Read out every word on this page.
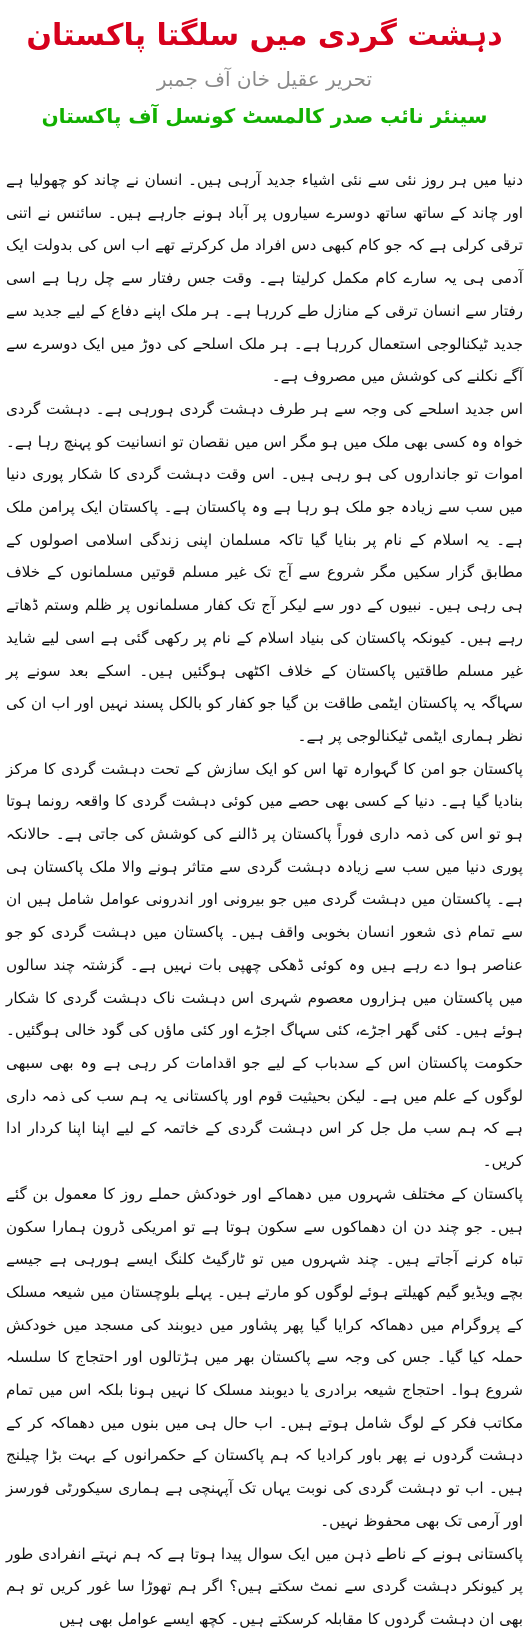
دہشت گردی میں سلگتا پاکستان
تحریر عقیل خان آف جمبر
سینئر نائب صدر کالمسٹ کونسل آف پاکستان

دنیا میں ہر روز نئی سے نئی اشیاء جدید آرہی ہیں۔ انسان نے چاند کو چھولیا ہے اور چاند کے ساتھ ساتھ دوسرے سیاروں پر آباد ہونے جارہے ہیں۔ سائنس نے اتنی ترقی کرلی ہے کہ جو کام کبھی دس افراد مل کرکرتے تھے اب اس کی بدولت ایک آدمی ہی یہ سارے کام مکمل کرلیتا ہے۔ وقت جس رفتار سے چل رہا ہے اسی رفتار سے انسان ترقی کے منازل طے کررہا ہے۔ ہر ملک اپنے دفاع کے لیے جدید سے جدید ٹیکنالوجی استعمال کررہا ہے۔ ہر ملک اسلحے کی دوڑ میں ایک دوسرے سے آگے نکلنے کی کوشش میں مصروف ہے۔

اس جدید اسلحے کی وجہ سے ہر طرف دہشت گردی ہورہی ہے۔ دہشت گردی خواہ وہ کسی بھی ملک میں ہو مگر اس میں نقصان تو انسانیت کو پہنچ رہا ہے۔ اموات تو جانداروں کی ہو رہی ہیں۔ اس وقت دہشت گردی کا شکار پوری دنیا میں سب سے زیادہ جو ملک ہو رہا ہے وہ پاکستان ہے۔ پاکستان ایک پرامن ملک ہے۔ یہ اسلام کے نام پر بنایا گیا تاکہ مسلمان اپنی زندگی اسلامی اصولوں کے مطابق گزار سکیں مگر شروع سے آج تک غیر مسلم قوتیں مسلمانوں کے خلاف ہی رہی ہیں۔ نبیوں کے دور سے لیکر آج تک کفار مسلمانوں پر ظلم وستم ڈھاتے رہے ہیں۔ کیونکہ پاکستان کی بنیاد اسلام کے نام پر رکھی گئی ہے اسی لیے شاید غیر مسلم طاقتیں پاکستان کے خلاف اکٹھی ہوگئیں ہیں۔ اسکے بعد سونے پر سہاگہ یہ پاکستان ایٹمی طاقت بن گیا جو کفار کو بالکل پسند نہیں اور اب ان کی نظر ہماری ایٹمی ٹیکنالوجی پر ہے۔

پاکستان جو امن کا گہوارہ تھا اس کو ایک سازش کے تحت دہشت گردی کا مرکز بنادیا گیا ہے۔ دنیا کے کسی بھی حصے میں کوئی دہشت گردی کا واقعہ رونما ہوتا ہو تو اس کی ذمہ داری فوراً پاکستان پر ڈالنے کی کوشش کی جاتی ہے۔ حالانکہ پوری دنیا میں سب سے زیادہ دہشت گردی سے متاثر ہونے والا ملک پاکستان ہی ہے۔ پاکستان میں دہشت گردی میں جو بیرونی اور اندرونی عوامل شامل ہیں ان سے تمام ذی شعور انسان بخوبی واقف ہیں۔ پاکستان میں دہشت گردی کو جو عناصر ہوا دے رہے ہیں وہ کوئی ڈھکی چھپی بات نہیں ہے۔ گزشتہ چند سالوں میں پاکستان میں ہزاروں معصوم شہری اس دہشت ناک دہشت گردی کا شکار ہوئے ہیں۔ کئی گھر اجڑے، کئی سہاگ اجڑے اور کئی ماؤں کی گود خالی ہوگئیں۔ حکومت پاکستان اس کے سدباب کے لیے جو اقدامات کر رہی ہے وہ بھی سبھی لوگوں کے علم میں ہے۔ لیکن بحیثیت قوم اور پاکستانی یہ ہم سب کی ذمہ داری ہے کہ ہم سب مل جل کر اس دہشت گردی کے خاتمہ کے لیے اپنا اپنا کردار ادا کریں۔

پاکستان کے مختلف شہروں میں دھماکے اور خودکش حملے روز کا معمول بن گئے ہیں۔ جو چند دن ان دھماکوں سے سکون ہوتا ہے تو امریکی ڈرون ہمارا سکون تباہ کرنے آجاتے ہیں۔ چند شہروں میں تو ٹارگیٹ کلنگ ایسے ہورہی ہے جیسے بچے ویڈیو گیم کھیلتے ہوئے لوگوں کو مارتے ہیں۔ پہلے بلوچستان میں شیعہ مسلک کے پروگرام میں دھماکہ کرایا گیا پھر پشاور میں دیوبند کی مسجد میں خودکش حملہ کیا گیا۔ جس کی وجہ سے پاکستان بھر میں ہڑتالوں اور احتجاج کا سلسلہ شروع ہوا۔ احتجاج شیعہ برادری یا دیوبند مسلک کا نہیں ہونا بلکہ اس میں تمام مکاتب فکر کے لوگ شامل ہوتے ہیں۔ اب حال ہی میں بنوں میں دھماکہ کر کے دہشت گردوں نے پھر باور کرادیا کہ ہم پاکستان کے حکمرانوں کے بہت بڑا چیلنج ہیں۔ اب تو دہشت گردی کی نوبت یہاں تک آپہنچی ہے ہماری سیکورٹی فورسز اور آرمی تک بھی محفوظ نہیں۔

پاکستانی ہونے کے ناطے ذہن میں ایک سوال پیدا ہوتا ہے کہ ہم نہتے انفرادی طور پر کیونکر دہشت گردی سے نمٹ سکتے ہیں؟ اگر ہم تھوڑا سا غور کریں تو ہم بھی ان دہشت گردوں کا مقابلہ کرسکتے ہیں۔ کچھ ایسے عوامل بھی ہیں
